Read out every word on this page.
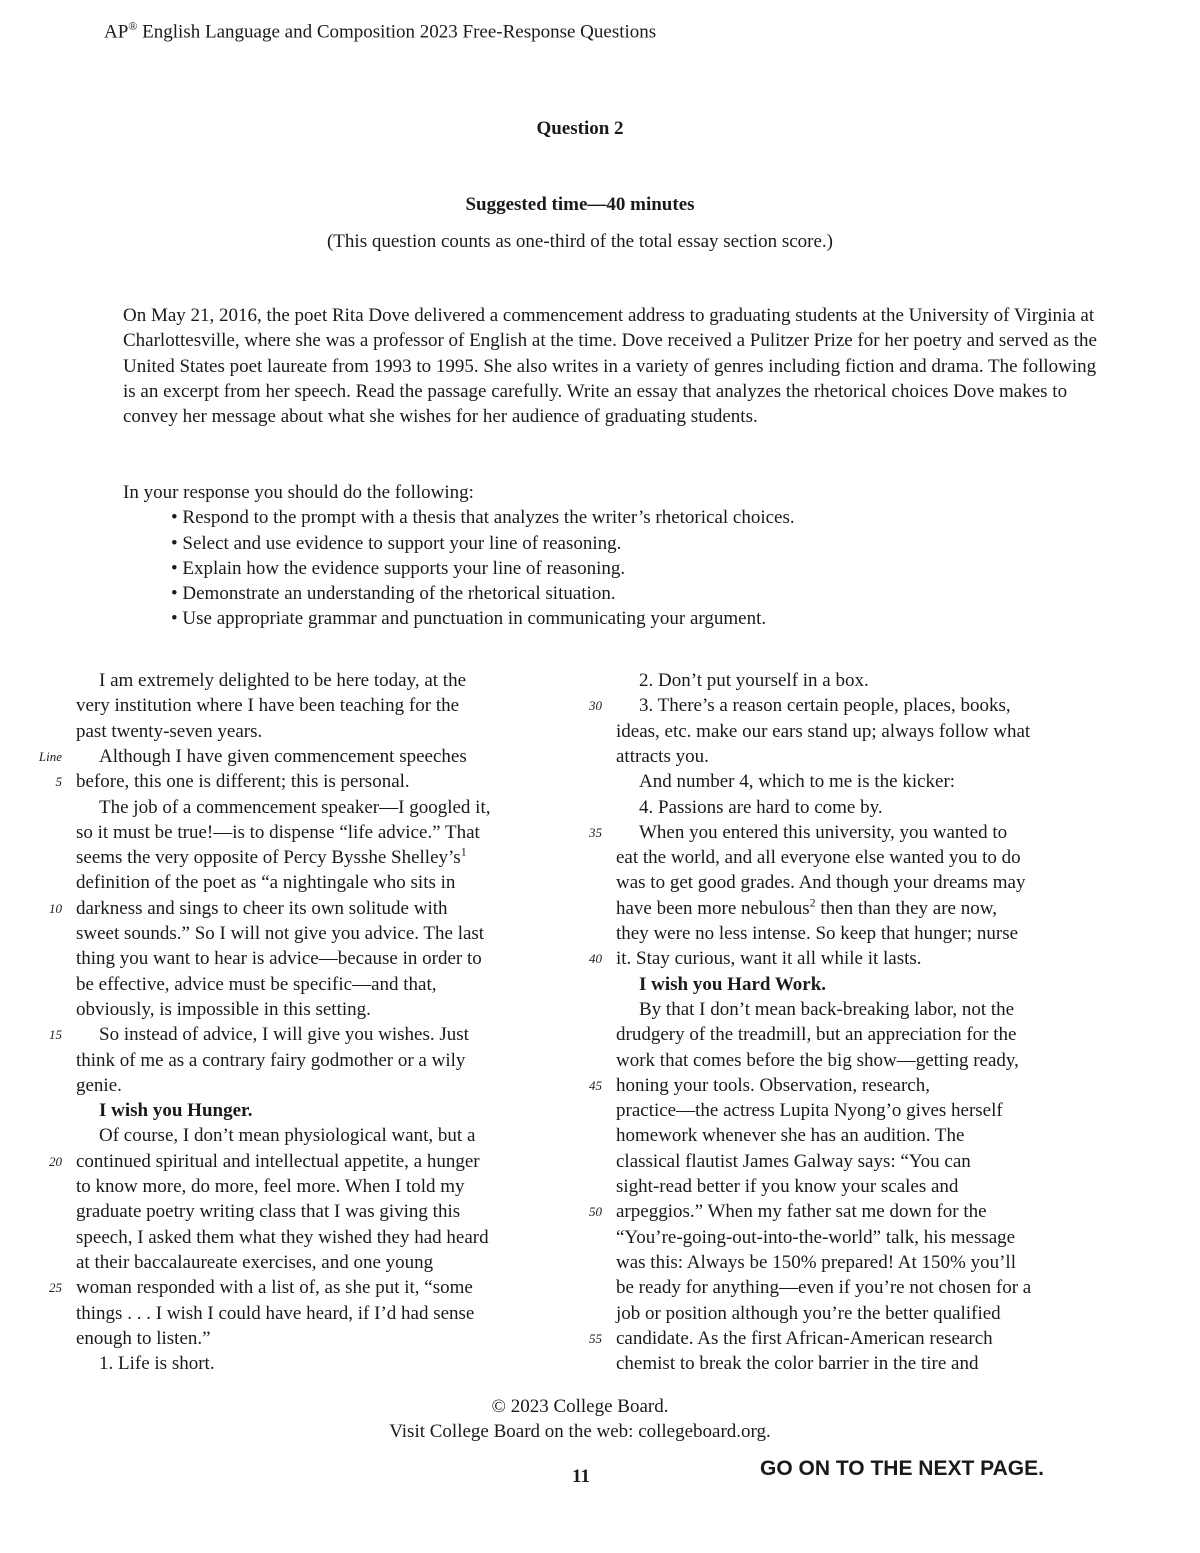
AP® English Language and Composition 2023 Free-Response Questions
Question 2
Suggested time—40 minutes
(This question counts as one-third of the total essay section score.)
On May 21, 2016, the poet Rita Dove delivered a commencement address to graduating students at the University of Virginia at Charlottesville, where she was a professor of English at the time. Dove received a Pulitzer Prize for her poetry and served as the United States poet laureate from 1993 to 1995. She also writes in a variety of genres including fiction and drama. The following is an excerpt from her speech. Read the passage carefully. Write an essay that analyzes the rhetorical choices Dove makes to convey her message about what she wishes for her audience of graduating students.
In your response you should do the following:
• Respond to the prompt with a thesis that analyzes the writer’s rhetorical choices.
• Select and use evidence to support your line of reasoning.
• Explain how the evidence supports your line of reasoning.
• Demonstrate an understanding of the rhetorical situation.
• Use appropriate grammar and punctuation in communicating your argument.
Line
I am extremely delighted to be here today, at the
very institution where I have been teaching for the
past twenty-seven years.
Although I have given commencement speeches
before, this one is different; this is personal.
The job of a commencement speaker—I googled it,
so it must be true!—is to dispense “life advice.” That
seems the very opposite of Percy Bysshe $Shelley’s^1$
definition of the poet as “a nightingale who sits in
darkness and sings to cheer its own solitude with
sweet sounds.” So I will not give you advice. The last
thing you want to hear is advice—because in order to
be effective, advice must be specific—and that,
obviously, is impossible in this setting.
So instead of advice, I will give you wishes. Just
think of me as a contrary fairy godmother or a wily
genie.
I wish you Hunger.
Of course, I don’t mean physiological want, but a
continued spiritual and intellectual appetite, a hunger
to know more, do more, feel more. When I told my
graduate poetry writing class that I was giving this
speech, I asked them what they wished they had heard
at their baccalaureate exercises, and one young
woman responded with a list of, as she put it, “some
things . . . I wish I could have heard, if I’d had sense
enough to listen.”
1. Life is short.
2. Don’t put yourself in a box.
3. There’s a reason certain people, places, books,
ideas, etc. make our ears stand up; always follow what
attracts you.
And number 4, which to me is the kicker:
4. Passions are hard to come by.
When you entered this university, you wanted to
eat the world, and all everyone else wanted you to do
was to get good grades. And though your dreams may
have been more nebulous$^2$ then than they are now,
they were no less intense. So keep that hunger; nurse
it. Stay curious, want it all while it lasts.
I wish you Hard Work.
By that I don’t mean back-breaking labor, not the
drudgery of the treadmill, but an appreciation for the
work that comes before the big show—getting ready,
honing your tools. Observation, research,
practice—the actress Lupita Nyong’o gives herself
homework whenever she has an audition. The
classical flautist James Galway says: “You can
sight-read better if you know your scales and
arpeggios.” When my father sat me down for the
“You’re-going-out-into-the-world” talk, his message
was this: Always be 150% prepared! At 150% you’ll
be ready for anything—even if you’re not chosen for a
job or position although you’re the better qualified
candidate. As the first African-American research
chemist to break the color barrier in the tire and
© 2023 College Board.
Visit College Board on the web: collegeboard.org.
11	GO ON TO THE NEXT PAGE.
5
10
15
20
25
30
35
40
45
50
55
